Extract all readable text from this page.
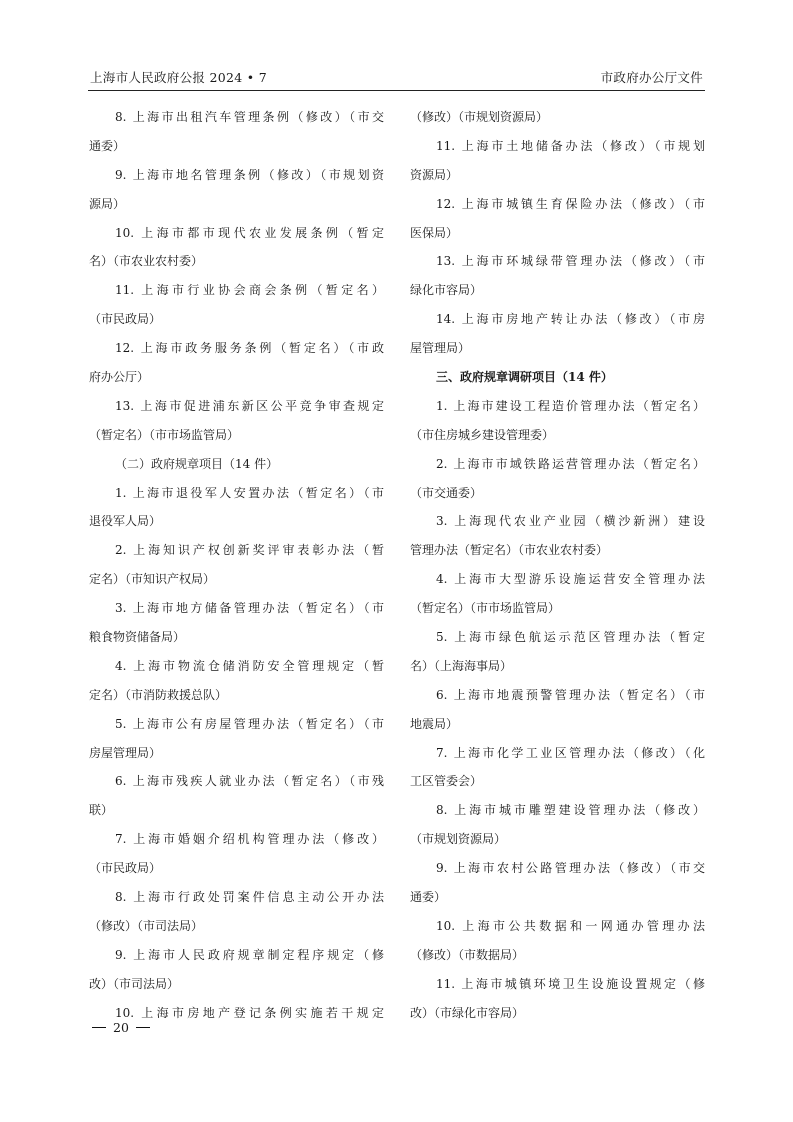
上海市人民政府公报 2024 • 7	市政府办公厅文件
8. 上海市出租汽车管理条例（修改）（市交
通委）
9. 上海市地名管理条例（修改）（市规划资
源局）
10. 上海市都市现代农业发展条例（暂定
名）（市农业农村委）
11. 上海市行业协会商会条例（暂定名）
（市民政局）
12. 上海市政务服务条例（暂定名）（市政
府办公厅）
13. 上海市促进浦东新区公平竞争审查规定
（暂定名）（市市场监管局）
（二）政府规章项目（14 件）
1. 上海市退役军人安置办法（暂定名）（市
退役军人局）
2. 上海知识产权创新奖评审表彰办法（暂
定名）（市知识产权局）
3. 上海市地方储备管理办法（暂定名）（市
粮食物资储备局）
4. 上海市物流仓储消防安全管理规定（暂
定名）（市消防救援总队）
5. 上海市公有房屋管理办法（暂定名）（市
房屋管理局）
6. 上海市残疾人就业办法（暂定名）（市残
联）
7. 上海市婚姻介绍机构管理办法（修改）
（市民政局）
8. 上海市行政处罚案件信息主动公开办法
（修改）（市司法局）
9. 上海市人民政府规章制定程序规定（修
改）（市司法局）
10. 上海市房地产登记条例实施若干规定
（修改）（市规划资源局）
11. 上海市土地储备办法（修改）（市规划
资源局）
12. 上海市城镇生育保险办法（修改）（市
医保局）
13. 上海市环城绿带管理办法（修改）（市
绿化市容局）
14. 上海市房地产转让办法（修改）（市房
屋管理局）
三、政府规章调研项目（14 件）
1. 上海市建设工程造价管理办法（暂定名）
（市住房城乡建设管理委）
2. 上海市市域铁路运营管理办法（暂定名）
（市交通委）
3. 上海现代农业产业园（横沙新洲）建设
管理办法（暂定名）（市农业农村委）
4. 上海市大型游乐设施运营安全管理办法
（暂定名）（市市场监管局）
5. 上海市绿色航运示范区管理办法（暂定
名）（上海海事局）
6. 上海市地震预警管理办法（暂定名）（市
地震局）
7. 上海市化学工业区管理办法（修改）（化
工区管委会）
8. 上海市城市雕塑建设管理办法（修改）
（市规划资源局）
9. 上海市农村公路管理办法（修改）（市交
通委）
10. 上海市公共数据和一网通办管理办法
（修改）（市数据局）
11. 上海市城镇环境卫生设施设置规定（修
改）（市绿化市容局）
20
